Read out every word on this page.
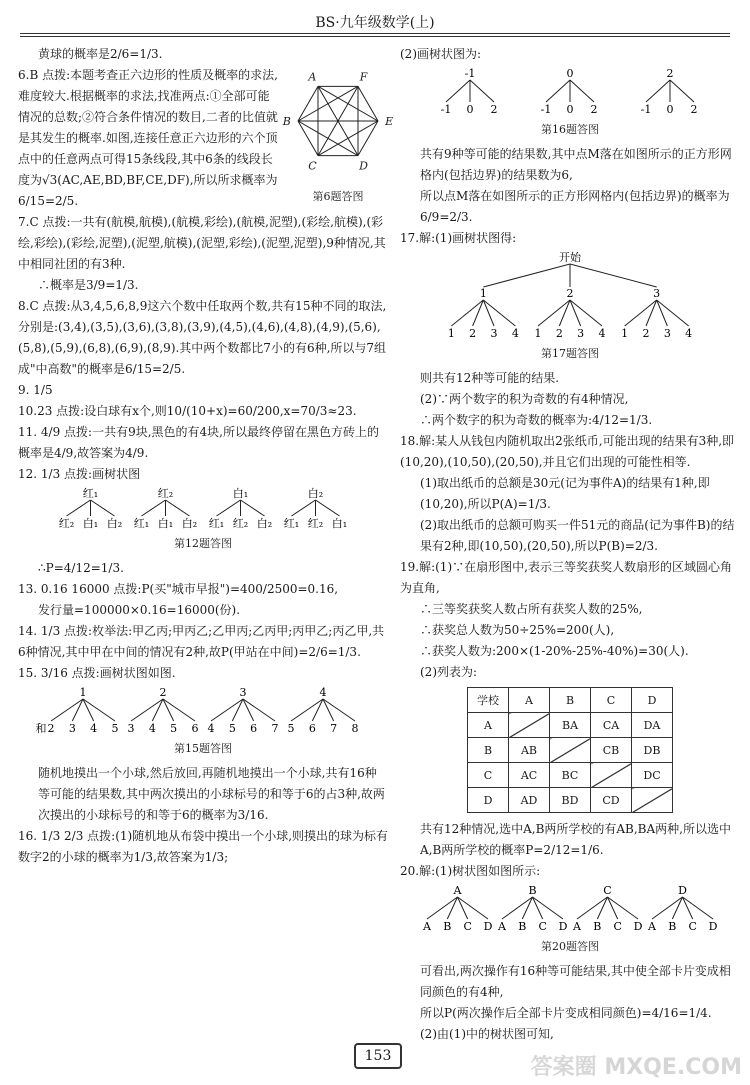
BS·九年级数学(上)

黄球的概率是2/6=1/3.

A	F
E
D
C
B
第6题答图

6.B 点拨:本题考查正六边形的性质及概率的求法,难度较大.根据概率的求法,找准两点:①全部可能情况的总数;②符合条件情况的数目,二者的比值就是其发生的概率.如图,连接任意正六边形的六个顶点中的任意两点可得15条线段,其中6条的线段长度为√3(AC,AE,BD,BF,CE,DF),所以所求概率为6/15=2/5.

7.C 点拨:一共有(航模,航模),(航模,彩绘),(航模,泥塑),(彩绘,航模),(彩绘,彩绘),(彩绘,泥塑),(泥塑,航模),(泥塑,彩绘),(泥塑,泥塑),9种情况,其中相同社团的有3种.

∴概率是3/9=1/3.

8.C 点拨:从3,4,5,6,8,9这六个数中任取两个数,共有15种不同的取法,分别是:(3,4),(3,5),(3,6),(3,8),(3,9),(4,5),(4,6),(4,8),(4,9),(5,6),(5,8),(5,9),(6,8),(6,9),(8,9).其中两个数都比7小的有6种,所以与7组成"中高数"的概率是6/15=2/5.

9. 1/5

10.23 点拨:设白球有x个,则10/(10+x)=60/200,x=70/3≈23.

11. 4/9 点拨:一共有9块,黑色的有4块,所以最终停留在黑色方砖上的概率是4/9,故答案为4/9.

12. 1/3 点拨:画树状图

红₁
红₂ 白₁ 白₂
红₂
红₁ 白₁ 白₂
白₁
红₁ 红₂ 白₂
白₂
红₁ 红₂ 白₁
第12题答图

∴P=4/12=1/3.

13. 0.16 16000 点拨:P(买"城市早报")=400/2500=0.16,

发行量=100000×0.16=16000(份).

14. 1/3 点拨:枚举法:甲乙丙;甲丙乙;乙甲丙;乙丙甲;丙甲乙;丙乙甲,共6种情况,其中甲在中间的情况有2种,故P(甲站在中间)=2/6=1/3.

15. 3/16 点拨:画树状图如图.

1
2 3 4 5
和
2
3 4 5 6
3
4 5 6 7
4
5 6 7 8
第15题答图

随机地摸出一个小球,然后放回,再随机地摸出一个小球,共有16种等可能的结果数,其中两次摸出的小球标号的和等于6的占3种,故两次摸出的小球标号的和等于6的概率为3/16.

16. 1/3 2/3 点拨:(1)随机地从布袋中摸出一个小球,则摸出的球为标有数字2的小球的概率为1/3,故答案为1/3;

(2)画树状图为:

-1
-1 0 2
0
-1 0 2
2
-1 0 2
第16题答图

共有9种等可能的结果数,其中点M落在如图所示的正方形网格内(包括边界)的结果数为6,

所以点M落在如图所示的正方形网格内(包括边界)的概率为6/9=2/3.

17.解:(1)画树状图得:

开始
1
1 2 3 4
2
1 2 3 4
3
1 2 3 4
第17题答图

则共有12种等可能的结果.

(2)∵两个数字的积为奇数的有4种情况,

∴两个数字的积为奇数的概率为:4/12=1/3.

18.解:某人从钱包内随机取出2张纸币,可能出现的结果有3种,即(10,20),(10,50),(20,50),并且它们出现的可能性相等.

(1)取出纸币的总额是30元(记为事件A)的结果有1种,即(10,20),所以P(A)=1/3.

(2)取出纸币的总额可购买一件51元的商品(记为事件B)的结果有2种,即(10,50),(20,50),所以P(B)=2/3.

19.解:(1)∵在扇形图中,表示三等奖获奖人数扇形的区域圆心角为直角,

∴三等奖获奖人数占所有获奖人数的25%,

∴获奖总人数为50÷25%=200(人),

∴获奖人数为:200×(1-20%-25%-40%)=30(人).

(2)列表为:

学校	A	B	C	D
A		BA	CA	DA
B	AB		CB	DB
C	AC	BC		DC
D	AD	BD	CD	

共有12种情况,选中A,B两所学校的有AB,BA两种,所以选中A,B两所学校的概率P=2/12=1/6.

20.解:(1)树状图如图所示:

A
A B C D
B
A B C D
C
A B C D
D
A B C D
第20题答图

可看出,两次操作有16种等可能结果,其中使全部卡片变成相同颜色的有4种,

所以P(两次操作后全部卡片变成相同颜色)=4/16=1/4.

(2)由(1)中的树状图可知,

153	答案圈 MXQE.COM
